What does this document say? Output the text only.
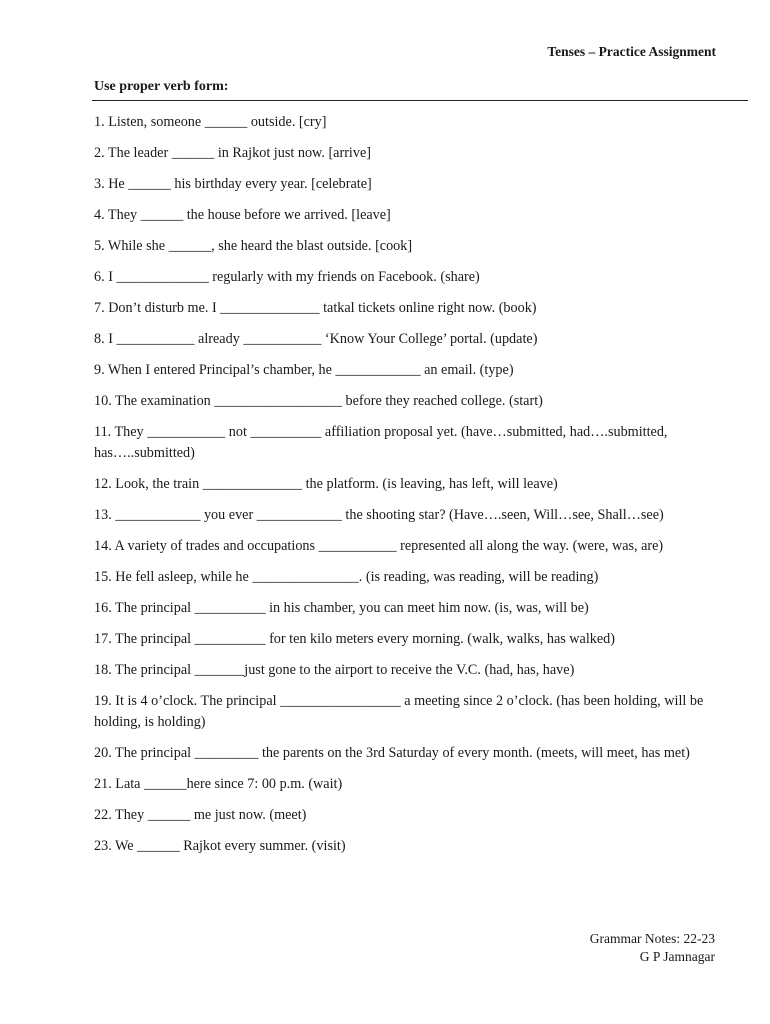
Tenses – Practice Assignment
Use proper verb form:
1. Listen, someone ______ outside. [cry]
2. The leader ______ in Rajkot just now. [arrive]
3. He ______ his birthday every year. [celebrate]
4. They ______ the house before we arrived. [leave]
5. While she ______, she heard the blast outside. [cook]
6. I _____________ regularly with my friends on Facebook. (share)
7. Don’t disturb me. I ______________ tatkal tickets online right now. (book)
8. I ___________ already ___________ ‘Know Your College’ portal. (update)
9. When I entered Principal’s chamber, he ____________ an email. (type)
10. The examination __________________ before they reached college. (start)
11. They ___________ not __________ affiliation proposal yet. (have…submitted, had….submitted, has…..submitted)
12. Look, the train ______________ the platform. (is leaving, has left, will leave)
13. ____________ you ever ____________ the shooting star? (Have….seen, Will…see, Shall…see)
14. A variety of trades and occupations ___________ represented all along the way. (were, was, are)
15. He fell asleep, while he _______________. (is reading, was reading, will be reading)
16. The principal __________ in his chamber, you can meet him now. (is, was, will be)
17. The principal __________ for ten kilo meters every morning. (walk, walks, has walked)
18. The principal _______just gone to the airport to receive the V.C. (had, has, have)
19. It is 4 o’clock. The principal _________________ a meeting since 2 o’clock. (has been holding, will be holding, is holding)
20. The principal _________ the parents on the 3rd Saturday of every month. (meets, will meet, has met)
21. Lata ______here since 7: 00 p.m. (wait)
22. They ______ me just now. (meet)
23. We ______ Rajkot every summer. (visit)
Grammar Notes: 22-23
G P Jamnagar
